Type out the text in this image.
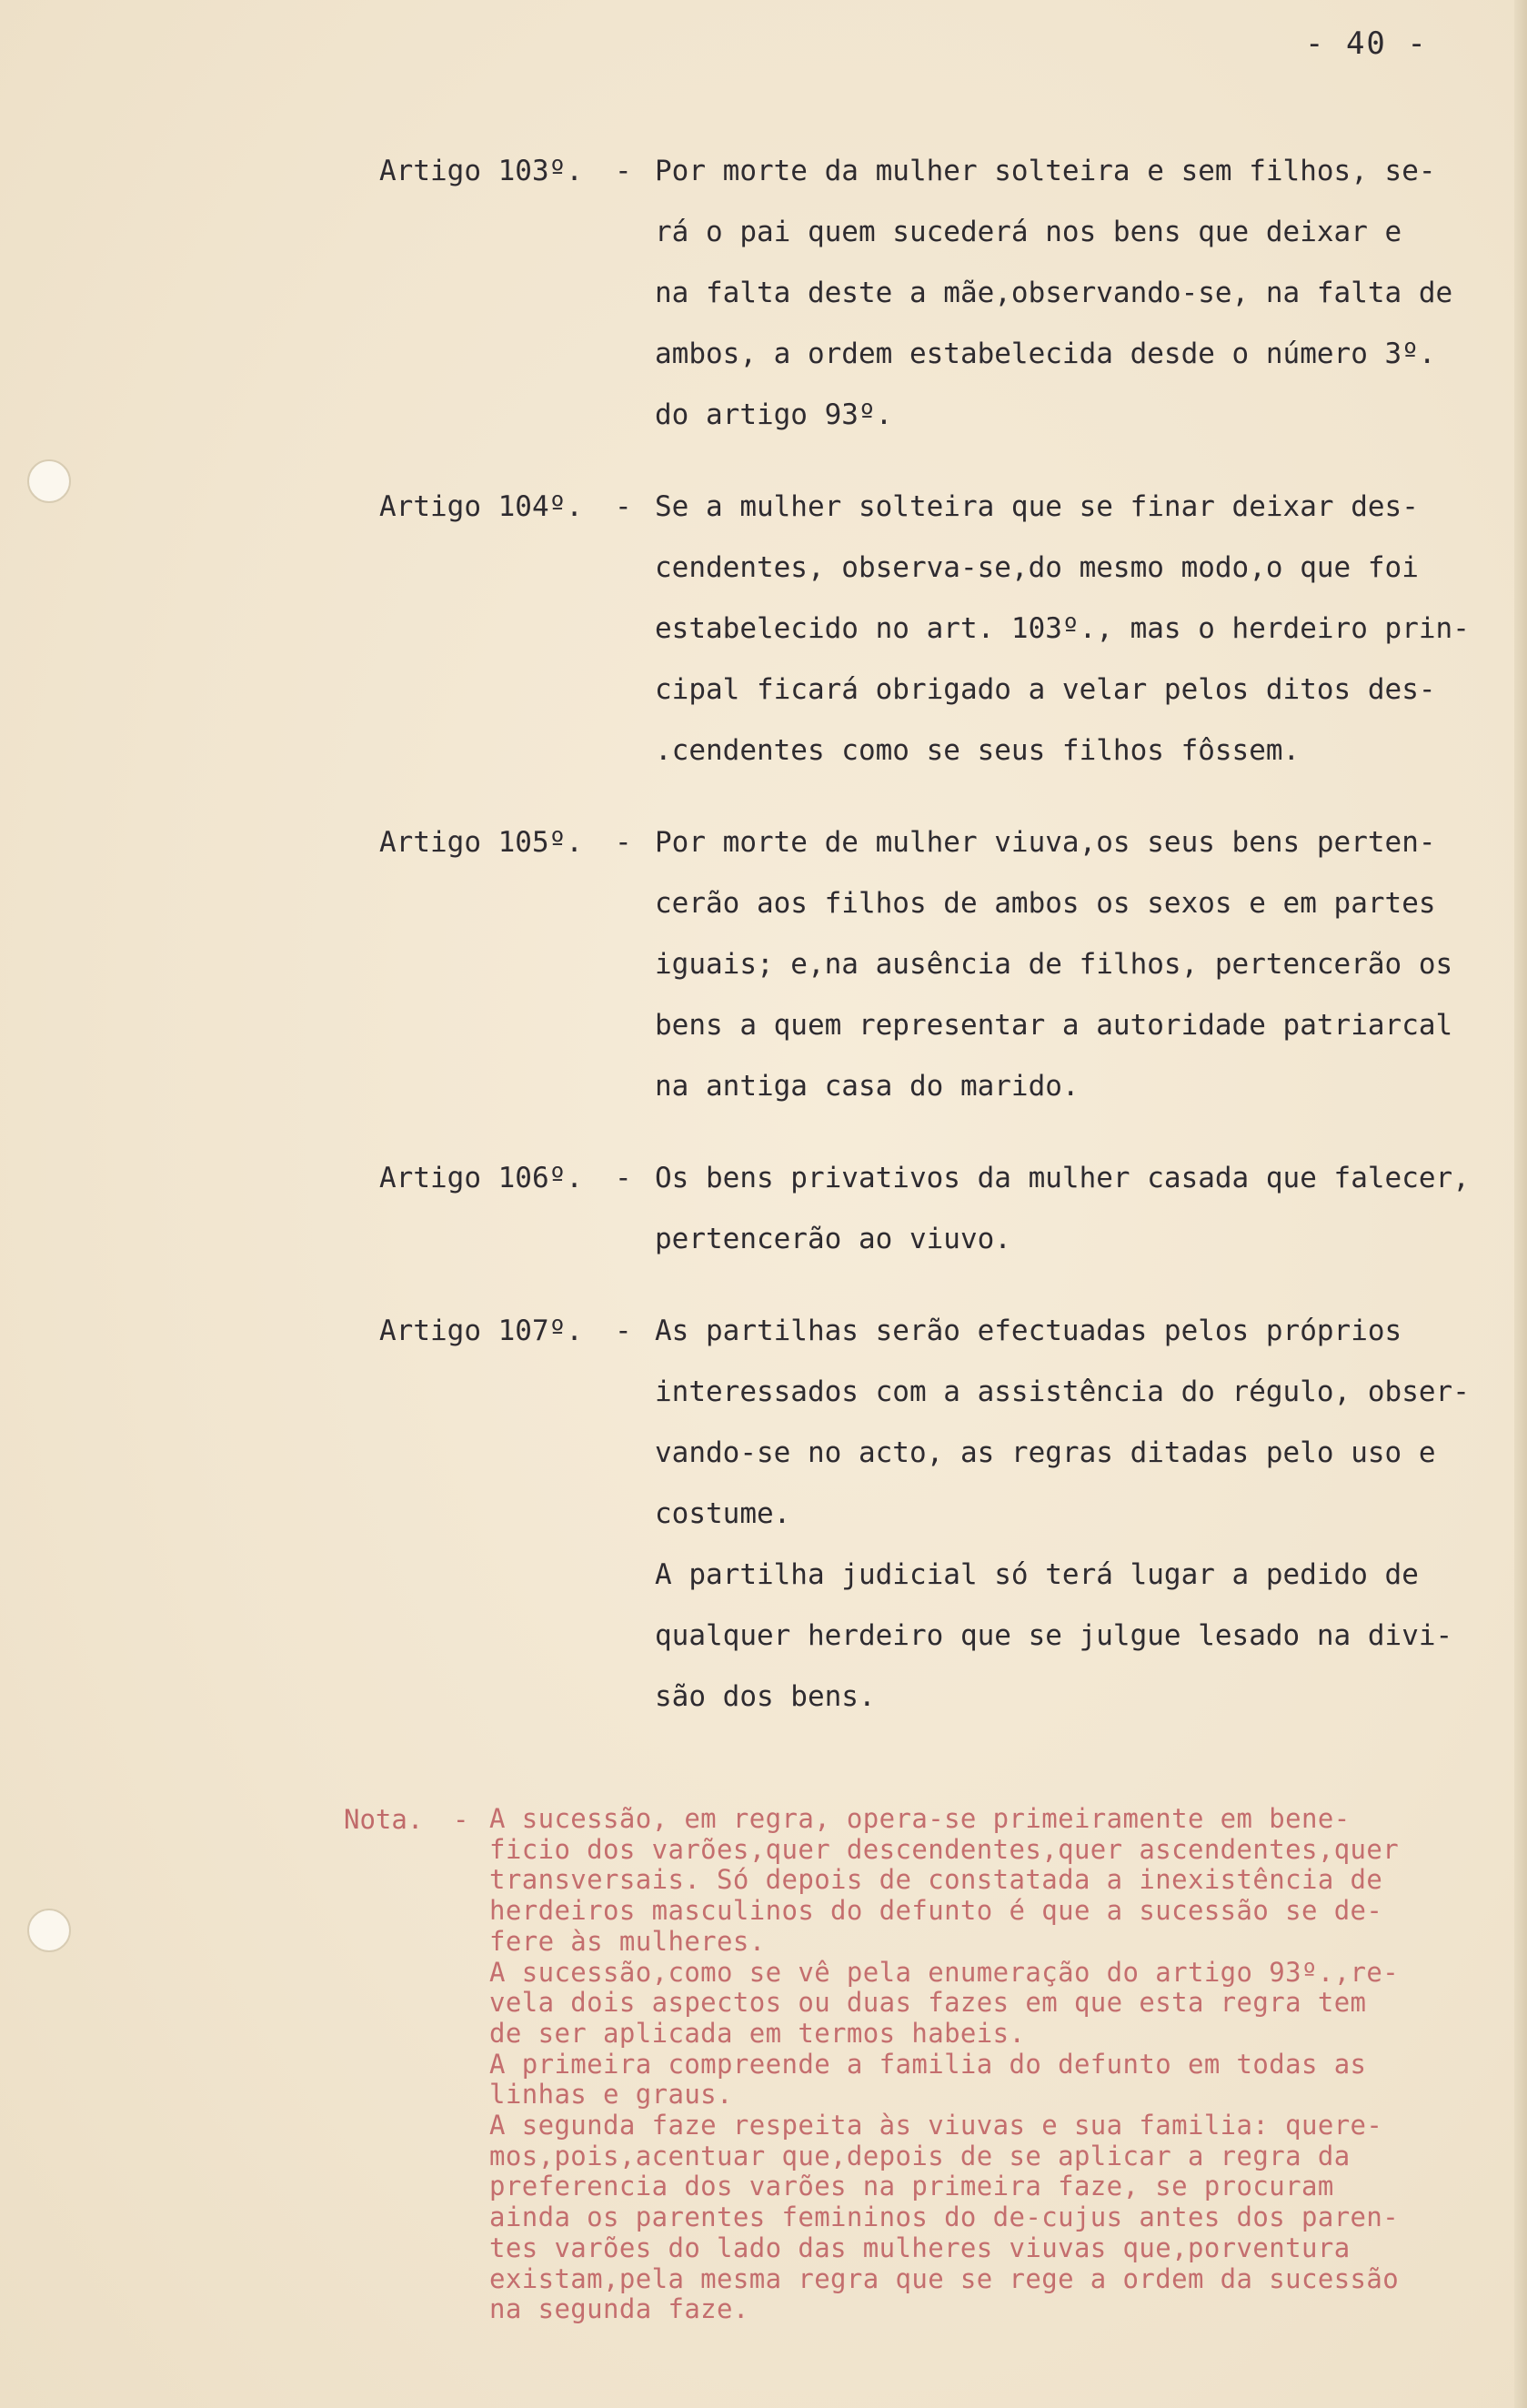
- 40 -
Artigo 103º. - Por morte da mulher solteira e sem filhos, se-
rá o pai quem sucederá nos bens que deixar e
na falta deste a mãe,observando-se, na falta de
ambos, a ordem estabelecida desde o número 3º.
do artigo 93º.
Artigo 104º. - Se a mulher solteira que se finar deixar des-
cendentes, observa-se,do mesmo modo,o que foi
estabelecido no art. 103º., mas o herdeiro prin-
cipal ficará obrigado a velar pelos ditos des-
.cendentes como se seus filhos fôssem.
Artigo 105º. - Por morte de mulher viuva,os seus bens perten-
cerão aos filhos de ambos os sexos e em partes
iguais; e,na ausência de filhos, pertencerão os
bens a quem representar a autoridade patriarcal
na antiga casa do marido.
Artigo 106º. - Os bens privativos da mulher casada que falecer,
pertencerão ao viuvo.
Artigo 107º. - As partilhas serão efectuadas pelos próprios
interessados com a assistência do régulo, obser-
vando-se no acto, as regras ditadas pelo uso e
costume.
A partilha judicial só terá lugar a pedido de
qualquer herdeiro que se julgue lesado na divi-
são dos bens.
Nota. - A sucessão, em regra, opera-se primeiramente em bene-
ficio dos varões,quer descendentes,quer ascendentes,quer
transversais. Só depois de constatada a inexistência de
herdeiros masculinos do defunto é que a sucessão se de-
fere às mulheres.
A sucessão,como se vê pela enumeração do artigo 93º.,re-
vela dois aspectos ou duas fazes em que esta regra tem
de ser aplicada em termos habeis.
A primeira compreende a familia do defunto em todas as
linhas e graus.
A segunda faze respeita às viuvas e sua familia: quere-
mos,pois,acentuar que,depois de se aplicar a regra da
preferencia dos varões na primeira faze, se procuram
ainda os parentes femininos do de-cujus antes dos paren-
tes varões do lado das mulheres viuvas que,porventura
existam,pela mesma regra que se rege a ordem da sucessão
na segunda faze.
